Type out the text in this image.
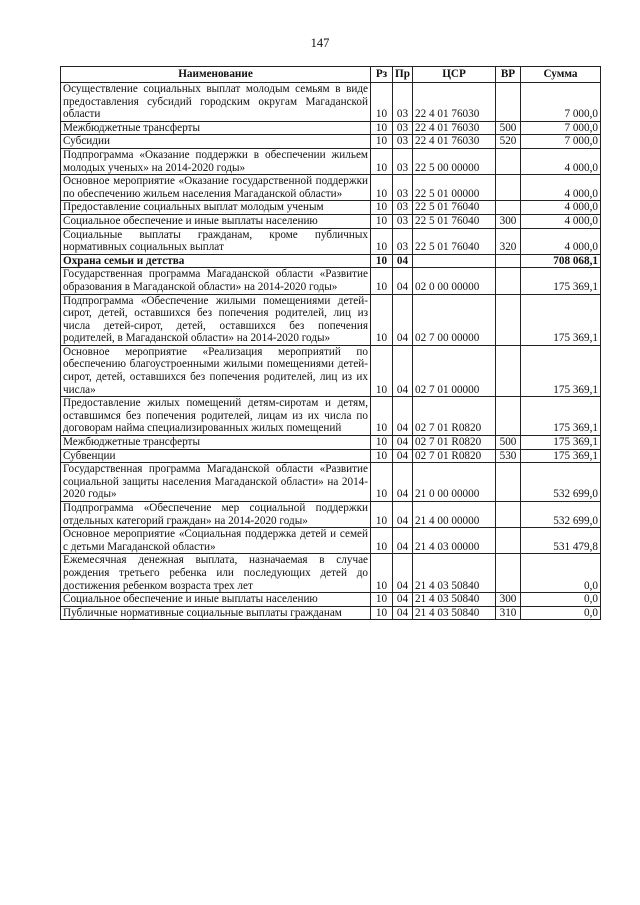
147
Наименование	Рз	Пр	ЦСР	ВР	Сумма
Осуществление социальных выплат молодым семьям в виде предоставления субсидий городским округам Магаданской области	10	03	22 4 01 76030		7 000,0
Межбюджетные трансферты	10	03	22 4 01 76030	500	7 000,0
Субсидии	10	03	22 4 01 76030	520	7 000,0
Подпрограмма «Оказание поддержки в обеспечении жильем молодых ученых» на 2014-2020 годы»	10	03	22 5 00 00000		4 000,0
Основное мероприятие «Оказание государственной поддержки по обеспечению жильем населения Магаданской области»	10	03	22 5 01 00000		4 000,0
Предоставление социальных выплат молодым ученым	10	03	22 5 01 76040		4 000,0
Социальное обеспечение и иные выплаты населению	10	03	22 5 01 76040	300	4 000,0
Социальные выплаты гражданам, кроме публичных нормативных социальных выплат	10	03	22 5 01 76040	320	4 000,0
Охрана семьи и детства	10	04			708 068,1
Государственная программа Магаданской области «Развитие образования в Магаданской области» на 2014-2020 годы»	10	04	02 0 00 00000		175 369,1
Подпрограмма «Обеспечение жилыми помещениями детей-сирот, детей, оставшихся без попечения родителей, лиц из числа детей-сирот, детей, оставшихся без попечения родителей, в Магаданской области» на 2014-2020 годы»	10	04	02 7 00 00000		175 369,1
Основное мероприятие «Реализация мероприятий по обеспечению благоустроенными жилыми помещениями детей-сирот, детей, оставшихся без попечения родителей, лиц из их числа»	10	04	02 7 01 00000		175 369,1
Предоставление жилых помещений детям-сиротам и детям, оставшимся без попечения родителей, лицам из их числа по договорам найма специализированных жилых помещений	10	04	02 7 01 R0820		175 369,1
Межбюджетные трансферты	10	04	02 7 01 R0820	500	175 369,1
Субвенции	10	04	02 7 01 R0820	530	175 369,1
Государственная программа Магаданской области «Развитие социальной защиты населения Магаданской области» на 2014-2020 годы»	10	04	21 0 00 00000		532 699,0
Подпрограмма «Обеспечение мер социальной поддержки отдельных категорий граждан» на 2014-2020 годы»	10	04	21 4 00 00000		532 699,0
Основное мероприятие «Социальная поддержка детей и семей с детьми Магаданской области»	10	04	21 4 03 00000		531 479,8
Ежемесячная денежная выплата, назначаемая в случае рождения третьего ребенка или последующих детей до достижения ребенком возраста трех лет	10	04	21 4 03 50840		0,0
Социальное обеспечение и иные выплаты населению	10	04	21 4 03 50840	300	0,0
Публичные нормативные социальные выплаты гражданам	10	04	21 4 03 50840	310	0,0
